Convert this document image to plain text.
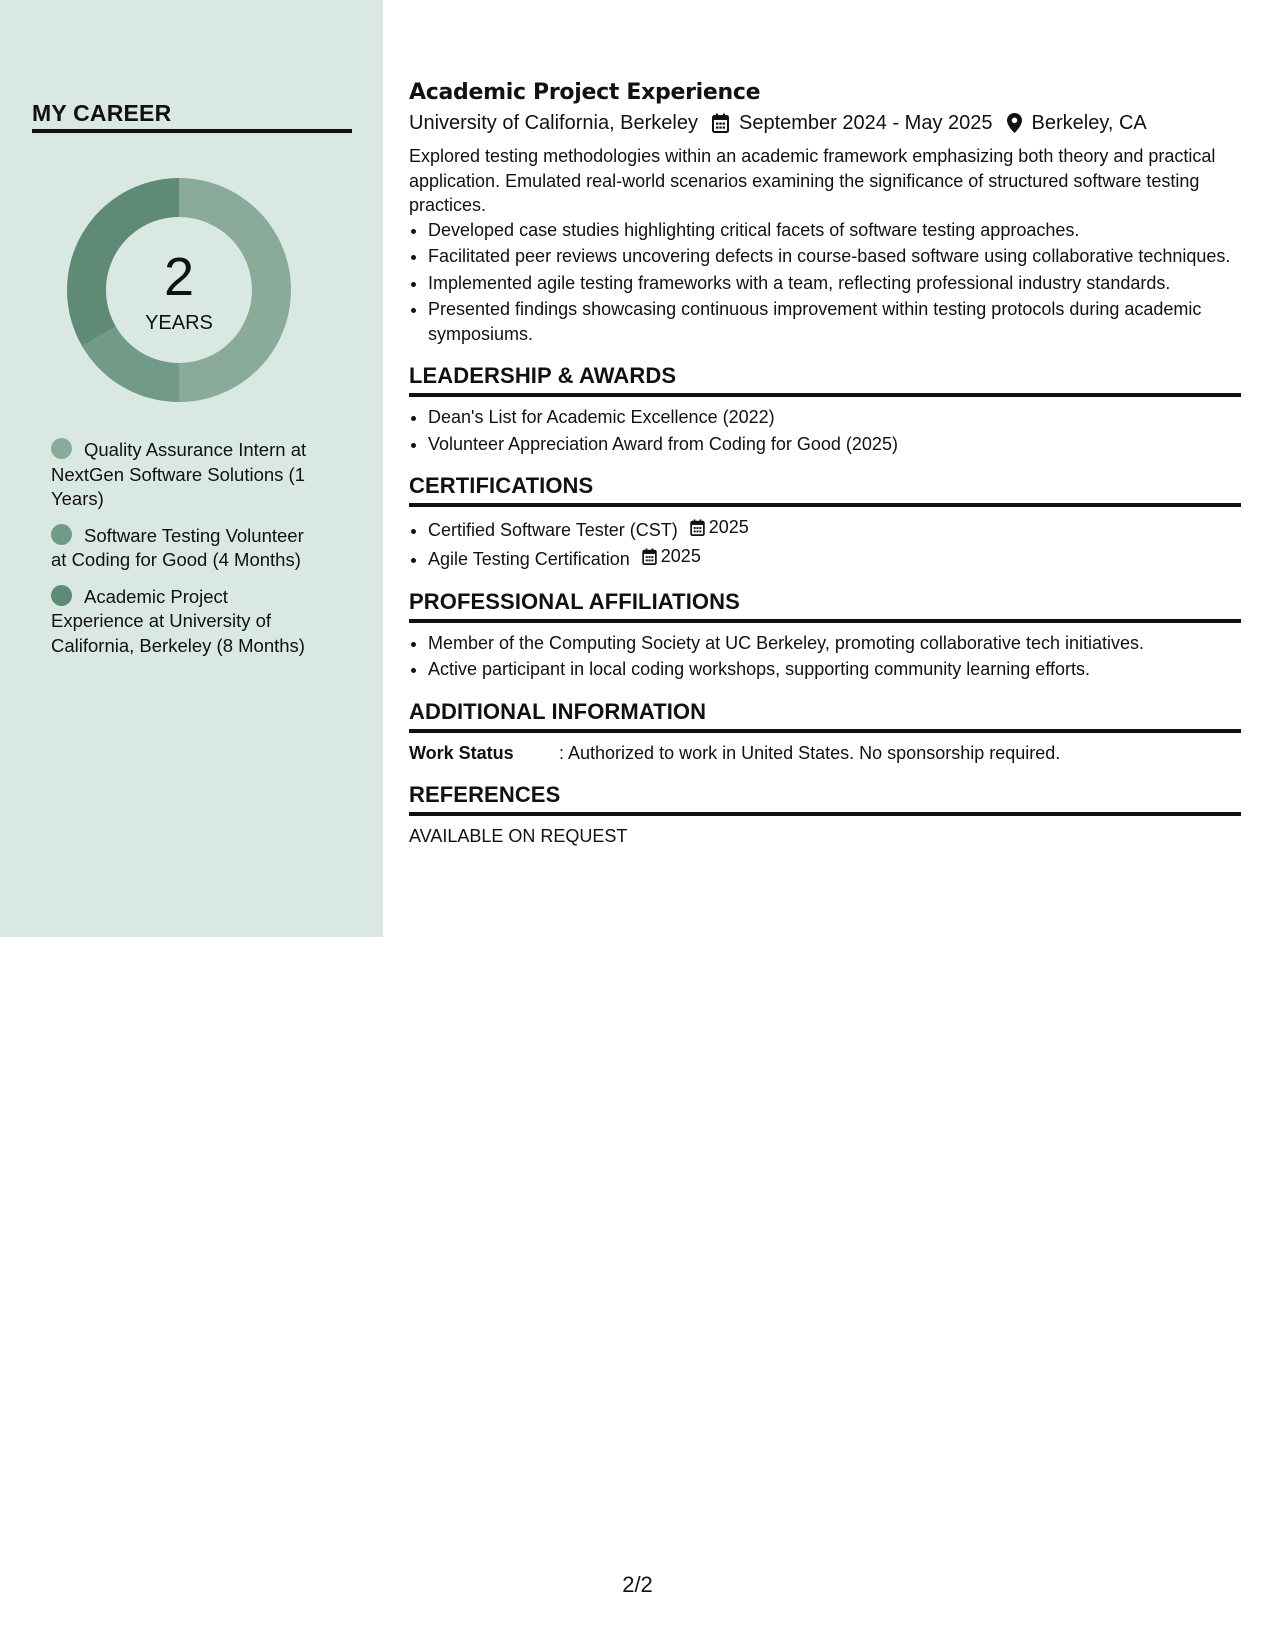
MY CAREER
2
YEARS
Quality Assurance Intern at NextGen Software Solutions (1 Years)
Software Testing Volunteer at Coding for Good (4 Months)
Academic Project Experience at University of California, Berkeley (8 Months)
Academic Project Experience
University of California, Berkeley September 2024 - May 2025 Berkeley, CA
Explored testing methodologies within an academic framework emphasizing both theory and practical application. Emulated real-world scenarios examining the significance of structured software testing practices.
• Developed case studies highlighting critical facets of software testing approaches.
• Facilitated peer reviews uncovering defects in course-based software using collaborative techniques.
• Implemented agile testing frameworks with a team, reflecting professional industry standards.
• Presented findings showcasing continuous improvement within testing protocols during academic symposiums.
LEADERSHIP & AWARDS
• Dean's List for Academic Excellence (2022)
• Volunteer Appreciation Award from Coding for Good (2025)
CERTIFICATIONS
• Certified Software Tester (CST) 2025
• Agile Testing Certification 2025
PROFESSIONAL AFFILIATIONS
• Member of the Computing Society at UC Berkeley, promoting collaborative tech initiatives.
• Active participant in local coding workshops, supporting community learning efforts.
ADDITIONAL INFORMATION
Work Status	: Authorized to work in United States. No sponsorship required.
REFERENCES
AVAILABLE ON REQUEST
2/2
